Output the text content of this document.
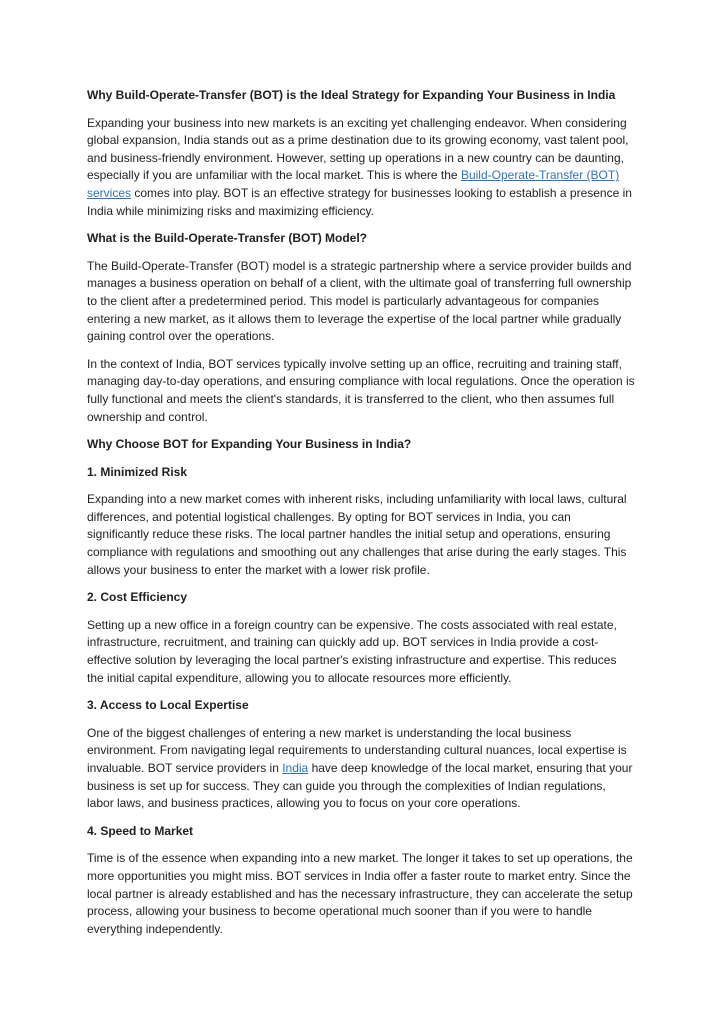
Why Build-Operate-Transfer (BOT) is the Ideal Strategy for Expanding Your Business in India

Expanding your business into new markets is an exciting yet challenging endeavor. When considering global expansion, India stands out as a prime destination due to its growing economy, vast talent pool, and business-friendly environment. However, setting up operations in a new country can be daunting, especially if you are unfamiliar with the local market. This is where the Build-Operate-Transfer (BOT) services comes into play. BOT is an effective strategy for businesses looking to establish a presence in India while minimizing risks and maximizing efficiency.

What is the Build-Operate-Transfer (BOT) Model?

The Build-Operate-Transfer (BOT) model is a strategic partnership where a service provider builds and manages a business operation on behalf of a client, with the ultimate goal of transferring full ownership to the client after a predetermined period. This model is particularly advantageous for companies entering a new market, as it allows them to leverage the expertise of the local partner while gradually gaining control over the operations.

In the context of India, BOT services typically involve setting up an office, recruiting and training staff, managing day-to-day operations, and ensuring compliance with local regulations. Once the operation is fully functional and meets the client's standards, it is transferred to the client, who then assumes full ownership and control.

Why Choose BOT for Expanding Your Business in India?
1. Minimized Risk

Expanding into a new market comes with inherent risks, including unfamiliarity with local laws, cultural differences, and potential logistical challenges. By opting for BOT services in India, you can significantly reduce these risks. The local partner handles the initial setup and operations, ensuring compliance with regulations and smoothing out any challenges that arise during the early stages. This allows your business to enter the market with a lower risk profile.

2. Cost Efficiency

Setting up a new office in a foreign country can be expensive. The costs associated with real estate, infrastructure, recruitment, and training can quickly add up. BOT services in India provide a cost-effective solution by leveraging the local partner's existing infrastructure and expertise. This reduces the initial capital expenditure, allowing you to allocate resources more efficiently.

3. Access to Local Expertise

One of the biggest challenges of entering a new market is understanding the local business environment. From navigating legal requirements to understanding cultural nuances, local expertise is invaluable. BOT service providers in India have deep knowledge of the local market, ensuring that your business is set up for success. They can guide you through the complexities of Indian regulations, labor laws, and business practices, allowing you to focus on your core operations.

4. Speed to Market

Time is of the essence when expanding into a new market. The longer it takes to set up operations, the more opportunities you might miss. BOT services in India offer a faster route to market entry. Since the local partner is already established and has the necessary infrastructure, they can accelerate the setup process, allowing your business to become operational much sooner than if you were to handle everything independently.
